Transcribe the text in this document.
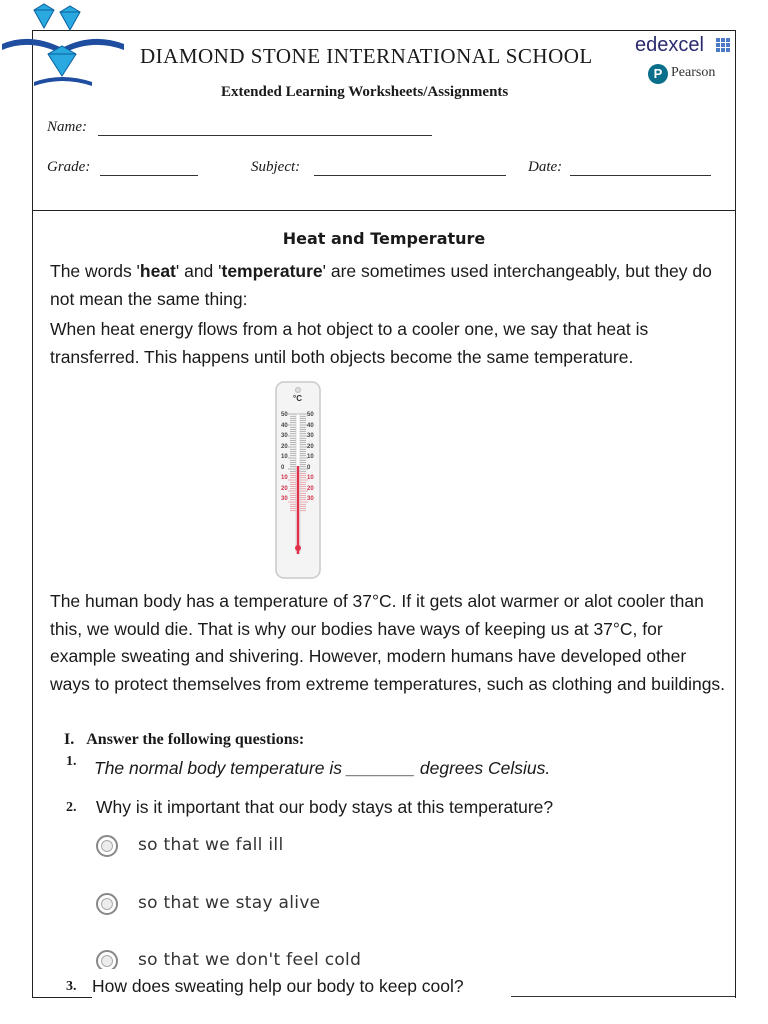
DIAMOND STONE INTERNATIONAL SCHOOL
Extended Learning Worksheets/Assignments
edexcel
P Pearson
Name:
Grade:	Subject:	Date:
Heat and Temperature
The words 'heat' and 'temperature' are sometimes used interchangeably, but they do not mean the same thing:
When heat energy flows from a hot object to a cooler one, we say that heat is transferred. This happens until both objects become the same temperature.
°C
50
40
30
20
10
0
10
20
30
50
40
30
20
10
0
10
20
30
The human body has a temperature of 37°C. If it gets alot warmer or alot cooler than this, we would die. That is why our bodies have ways of keeping us at 37°C, for example sweating and shivering. However, modern humans have developed other ways to protect themselves from extreme temperatures, such as clothing and buildings.
I. Answer the following questions:
1. The normal body temperature is _______ degrees Celsius.
2. Why is it important that our body stays at this temperature?
so that we fall ill
so that we stay alive
so that we don't feel cold
3. How does sweating help our body to keep cool?
